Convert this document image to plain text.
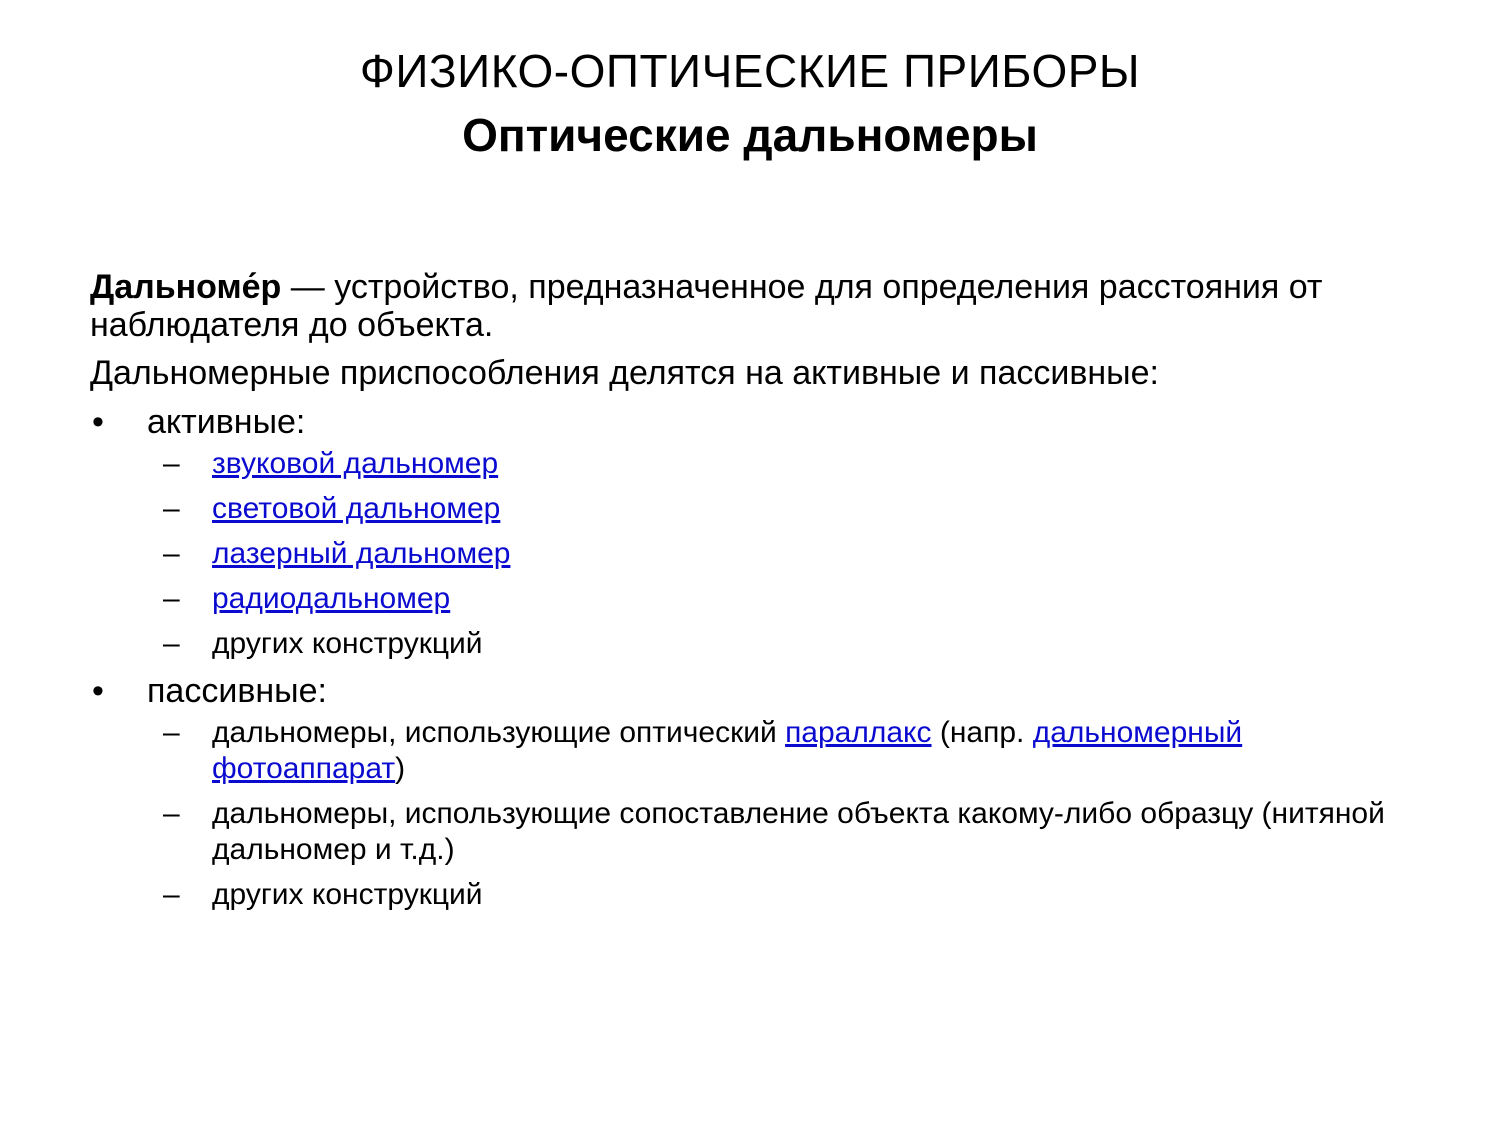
ФИЗИКО-ОПТИЧЕСКИЕ ПРИБОРЫ
Оптические дальномеры

Дальноме́р — устройство, предназначенное для определения расстояния от наблюдателя до объекта.

Дальномерные приспособления делятся на активные и пассивные:

• активные:
– звуковой дальномер
– световой дальномер
– лазерный дальномер
– радиодальномер
– других конструкций
• пассивные:
– дальномеры, использующие оптический параллакс (напр. дальномерный фотоаппарат)
– дальномеры, использующие сопоставление объекта какому-либо образцу (нитяной дальномер и т.д.)
– других конструкций
